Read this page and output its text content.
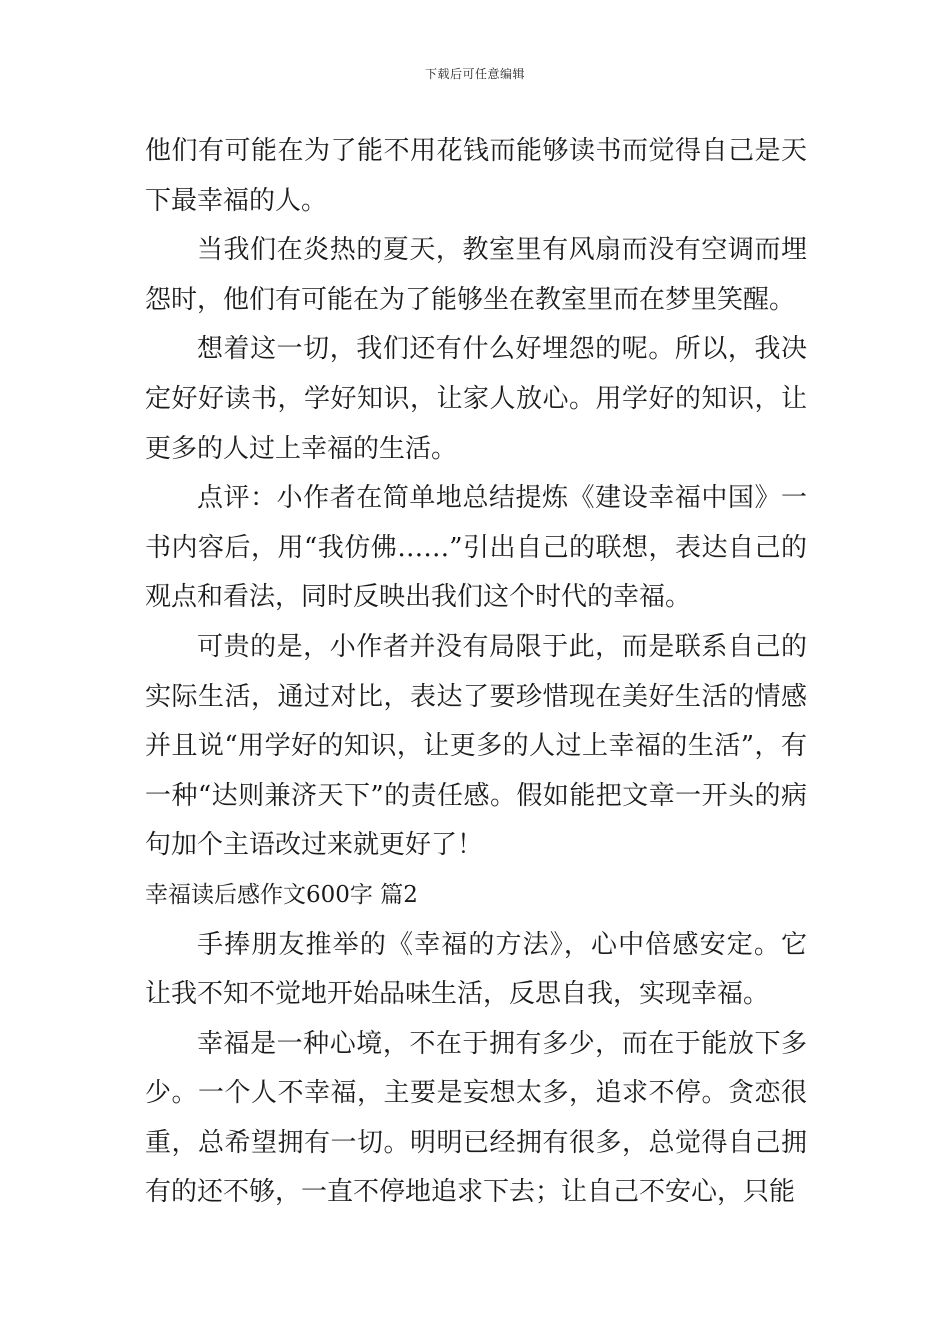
下载后可任意编辑

他们有可能在为了能不用花钱而能够读书而觉得自己是天下最幸福的人。

当我们在炎热的夏天，教室里有风扇而没有空调而埋怨时，他们有可能在为了能够坐在教室里而在梦里笑醒。

想着这一切，我们还有什么好埋怨的呢。所以，我决定好好读书，学好知识，让家人放心。用学好的知识，让更多的人过上幸福的生活。

点评：小作者在简单地总结提炼《建设幸福中国》一书内容后，用“我仿佛……”引出自己的联想，表达自己的观点和看法，同时反映出我们这个时代的幸福。

可贵的是，小作者并没有局限于此，而是联系自己的实际生活，通过对比，表达了要珍惜现在美好生活的情感并且说“用学好的知识，让更多的人过上幸福的生活”，有一种“达则兼济天下”的责任感。假如能把文章一开头的病句加个主语改过来就更好了！

幸福读后感作文600字 篇2

手捧朋友推举的《幸福的方法》，心中倍感安定。它让我不知不觉地开始品味生活，反思自我，实现幸福。

幸福是一种心境，不在于拥有多少，而在于能放下多少。一个人不幸福，主要是妄想太多，追求不停。贪恋很重，总希望拥有一切。明明已经拥有很多，总觉得自己拥有的还不够，一直不停地追求下去；让自己不安心，只能
